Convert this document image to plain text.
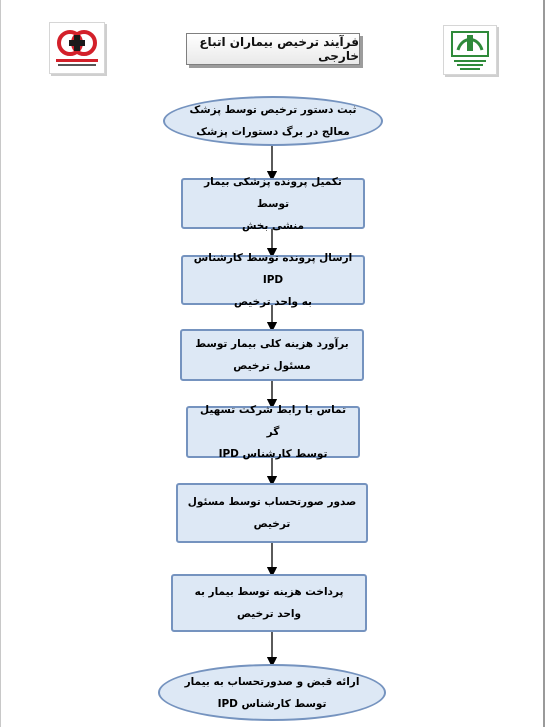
فرآیند ترخیص بیماران اتباع خارجی
ثبت دستور ترخیص توسط پزشک
معالج در برگ دستورات پزشک
تکمیل پرونده پزشکی بیمار توسط
منشی بخش
ارسال پرونده توسط کارشناس IPD
به واحد ترخیص
برآورد هزینه کلی بیمار توسط
مسئول ترخیص
تماس با رابط شرکت تسهیل گر
توسط کارشناس IPD
صدور صورتحساب توسط مسئول
ترخیص
پرداخت هزینه توسط بیمار به
واحد ترخیص
ارائه قبض و صدورتحساب به بیمار
توسط کارشناس IPD
